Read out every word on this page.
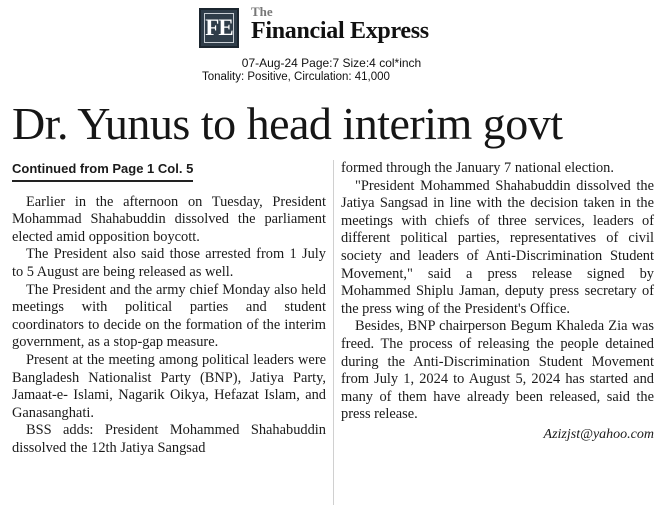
FE
The
Financial Express
07-Aug-24 Page:7 Size:4 col*inch
Tonality: Positive, Circulation: 41,000
Dr. Yunus to head interim govt
Continued from Page 1 Col. 5

Earlier in the afternoon on Tuesday, President Mohammad Shahabuddin dissolved the parliament elected amid opposition boycott.

The President also said those arrested from 1 July to 5 August are being released as well.

The President and the army chief Monday also held meetings with political parties and student coordinators to decide on the formation of the interim government, as a stop-gap measure.

Present at the meeting among political leaders were Bangladesh Nationalist Party (BNP), Jatiya Party, Jamaat-e- Islami, Nagarik Oikya, Hefazat Islam, and Ganasanghati.

BSS adds: President Mohammed Shahabuddin dissolved the 12th Jatiya Sangsad

formed through the January 7 national election.

"President Mohammed Shahabuddin dissolved the Jatiya Sangsad in line with the decision taken in the meetings with chiefs of three services, leaders of different political parties, representatives of civil society and leaders of Anti-Discrimination Student Movement," said a press release signed by Mohammed Shiplu Jaman, deputy press secretary of the press wing of the President's Office.

Besides, BNP chairperson Begum Khaleda Zia was freed. The process of releasing the people detained during the Anti-Discrimination Student Movement from July 1, 2024 to August 5, 2024 has started and many of them have already been released, said the press release.

Azizjst@yahoo.com
